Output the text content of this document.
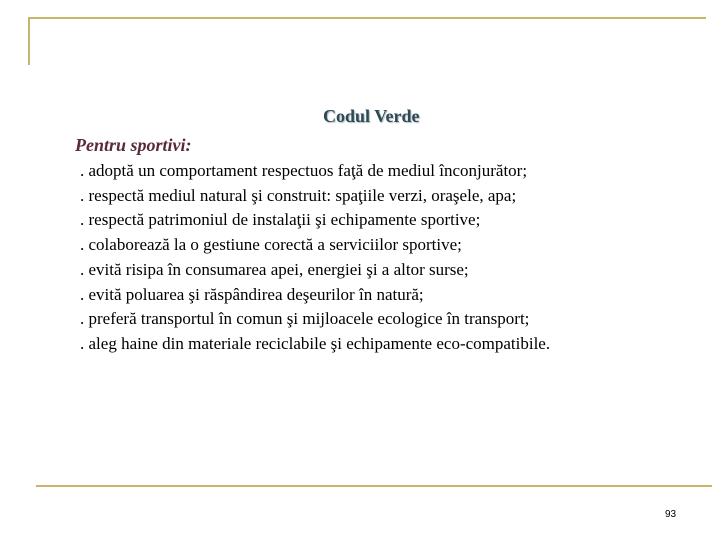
Codul Verde
Pentru sportivi:
. adoptă un comportament respectuos faţă de mediul înconjurător;
. respectă mediul natural şi construit: spaţiile verzi, oraşele, apa;
. respectă patrimoniul de instalaţii şi echipamente sportive;
. colaborează la o gestiune corectă a serviciilor sportive;
. evită risipa în consumarea apei, energiei şi a altor surse;
. evită poluarea şi răspândirea deşeurilor în natură;
. preferă transportul în comun şi mijloacele ecologice în transport;
. aleg haine din materiale reciclabile şi echipamente eco-compatibile.
93
